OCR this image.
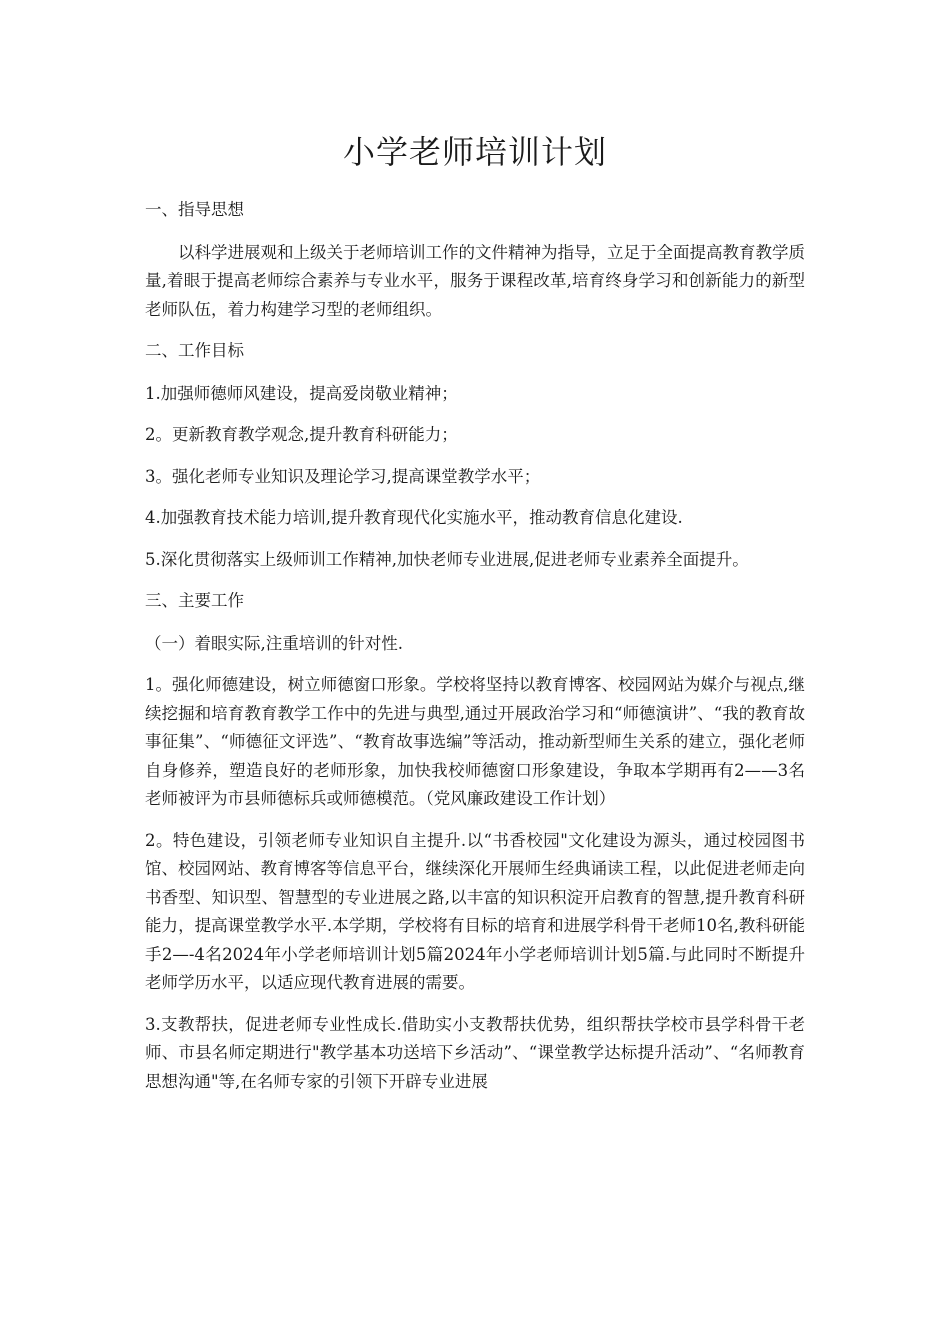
小学老师培训计划

一、指导思想

以科学进展观和上级关于老师培训工作的文件精神为指导，立足于全面提高教育教学质量,着眼于提高老师综合素养与专业水平，服务于课程改革,培育终身学习和创新能力的新型老师队伍，着力构建学习型的老师组织。

二、工作目标

1.加强师德师风建设，提高爱岗敬业精神；

2。更新教育教学观念,提升教育科研能力；

3。强化老师专业知识及理论学习,提高课堂教学水平；

4.加强教育技术能力培训,提升教育现代化实施水平，推动教育信息化建设.

5.深化贯彻落实上级师训工作精神,加快老师专业进展,促进老师专业素养全面提升。

三、主要工作

（一）着眼实际,注重培训的针对性.

1。强化师德建设，树立师德窗口形象。学校将坚持以教育博客、校园网站为媒介与视点,继续挖掘和培育教育教学工作中的先进与典型,通过开展政治学习和“师德演讲”、“我的教育故事征集”、“师德征文评选”、“教育故事选编”等活动，推动新型师生关系的建立，强化老师自身修养，塑造良好的老师形象，加快我校师德窗口形象建设，争取本学期再有2——3名老师被评为市县师德标兵或师德模范。（党风廉政建设工作计划）

2。特色建设，引领老师专业知识自主提升.以“书香校园"文化建设为源头，通过校园图书馆、校园网站、教育博客等信息平台，继续深化开展师生经典诵读工程，以此促进老师走向书香型、知识型、智慧型的专业进展之路,以丰富的知识积淀开启教育的智慧,提升教育科研能力，提高课堂教学水平.本学期，学校将有目标的培育和进展学科骨干老师10名,教科研能手2—-4名2024年小学老师培训计划5篇2024年小学老师培训计划5篇.与此同时不断提升老师学历水平，以适应现代教育进展的需要。

3.支教帮扶，促进老师专业性成长.借助实小支教帮扶优势，组织帮扶学校市县学科骨干老师、市县名师定期进行"教学基本功送培下乡活动”、“课堂教学达标提升活动”、“名师教育思想沟通"等,在名师专家的引领下开辟专业进展
